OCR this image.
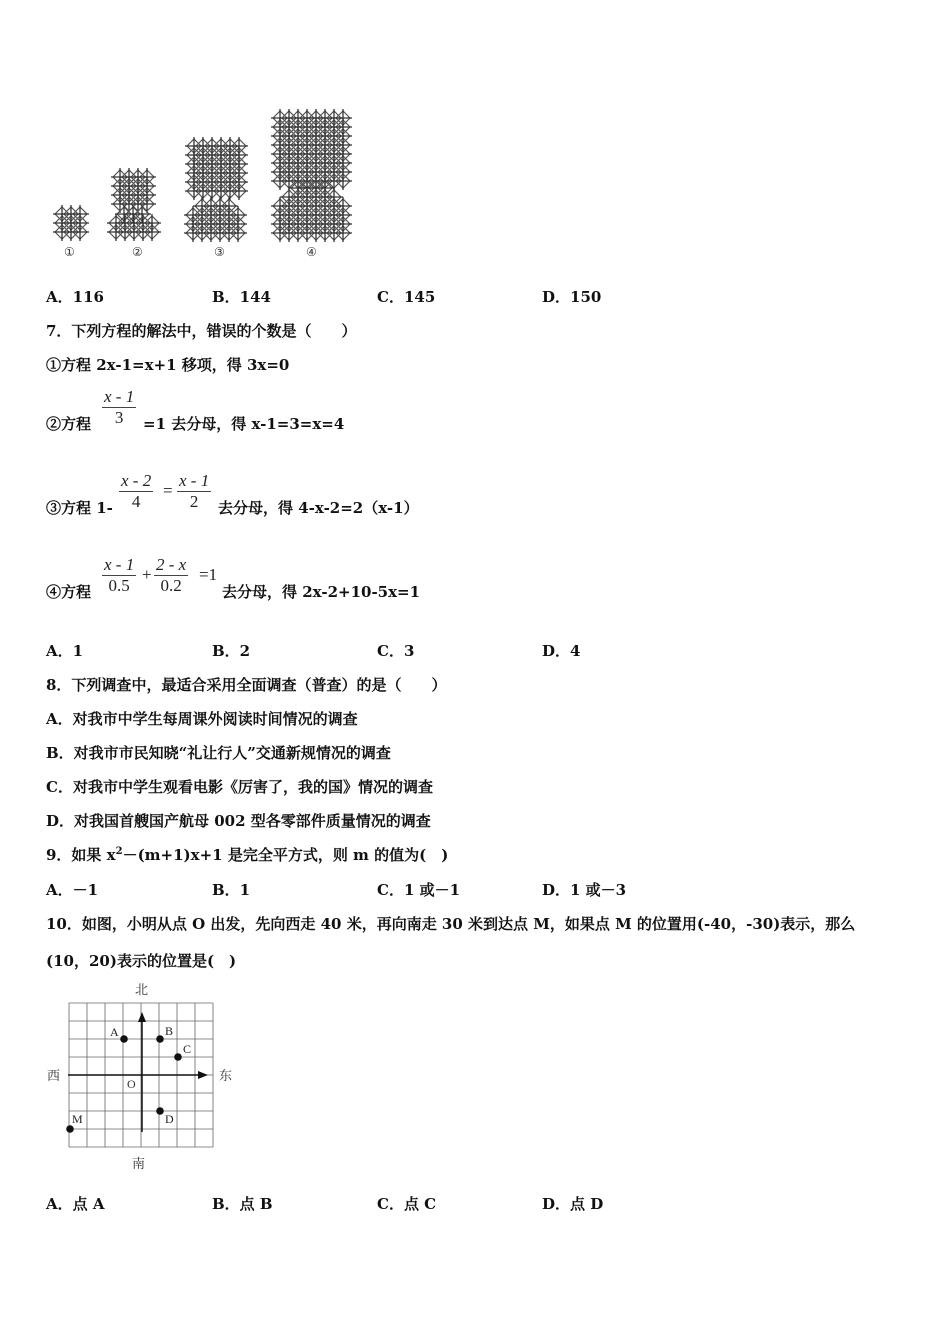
①	②	③	④
A．116	B．144	C．145	D．150
7．下列方程的解法中，错误的个数是（　　）
①方程 2x-1=x+1 移项，得 3x=0
②方程 $\frac{x - 1}{3} =1$ 去分母，得 x-1=3=x=4
③方程 $1- \frac{x - 2}{4} = \frac{x - 1}{2}$ 去分母，得 4-x-2=2（x-1）
④方程 $\frac{x - 1}{0.5} + \frac{2 - x}{0.2} =1$
去分母，得 2x-2+10-5x=1
A．1	B．2	C．3	D．4
8．下列调查中，最适合采用全面调查（普查）的是（　　）
A．对我市中学生每周课外阅读时间情况的调查
B．对我市市民知晓“礼让行人”交通新规情况的调查
C．对我市中学生观看电影《厉害了，我的国》情况的调查
D．对我国首艘国产航母 002 型各零部件质量情况的调查
9．如果 $x^2-(m+1)x+1$ 是完全平方式，则 m 的值为(　)
A．－1	B．1	C．1 或－1	D．1 或－3
10．如图，小明从点 O 出发，先向西走 40 米，再向南走 30 米到达点 M，如果点 M 的位置用(-40，-30)表示，那么
(10，20)表示的位置是(　)
北
南
西	东
O
A	B
C
D
M
A．点 A	B．点 B	C．点 C	D．点 D
